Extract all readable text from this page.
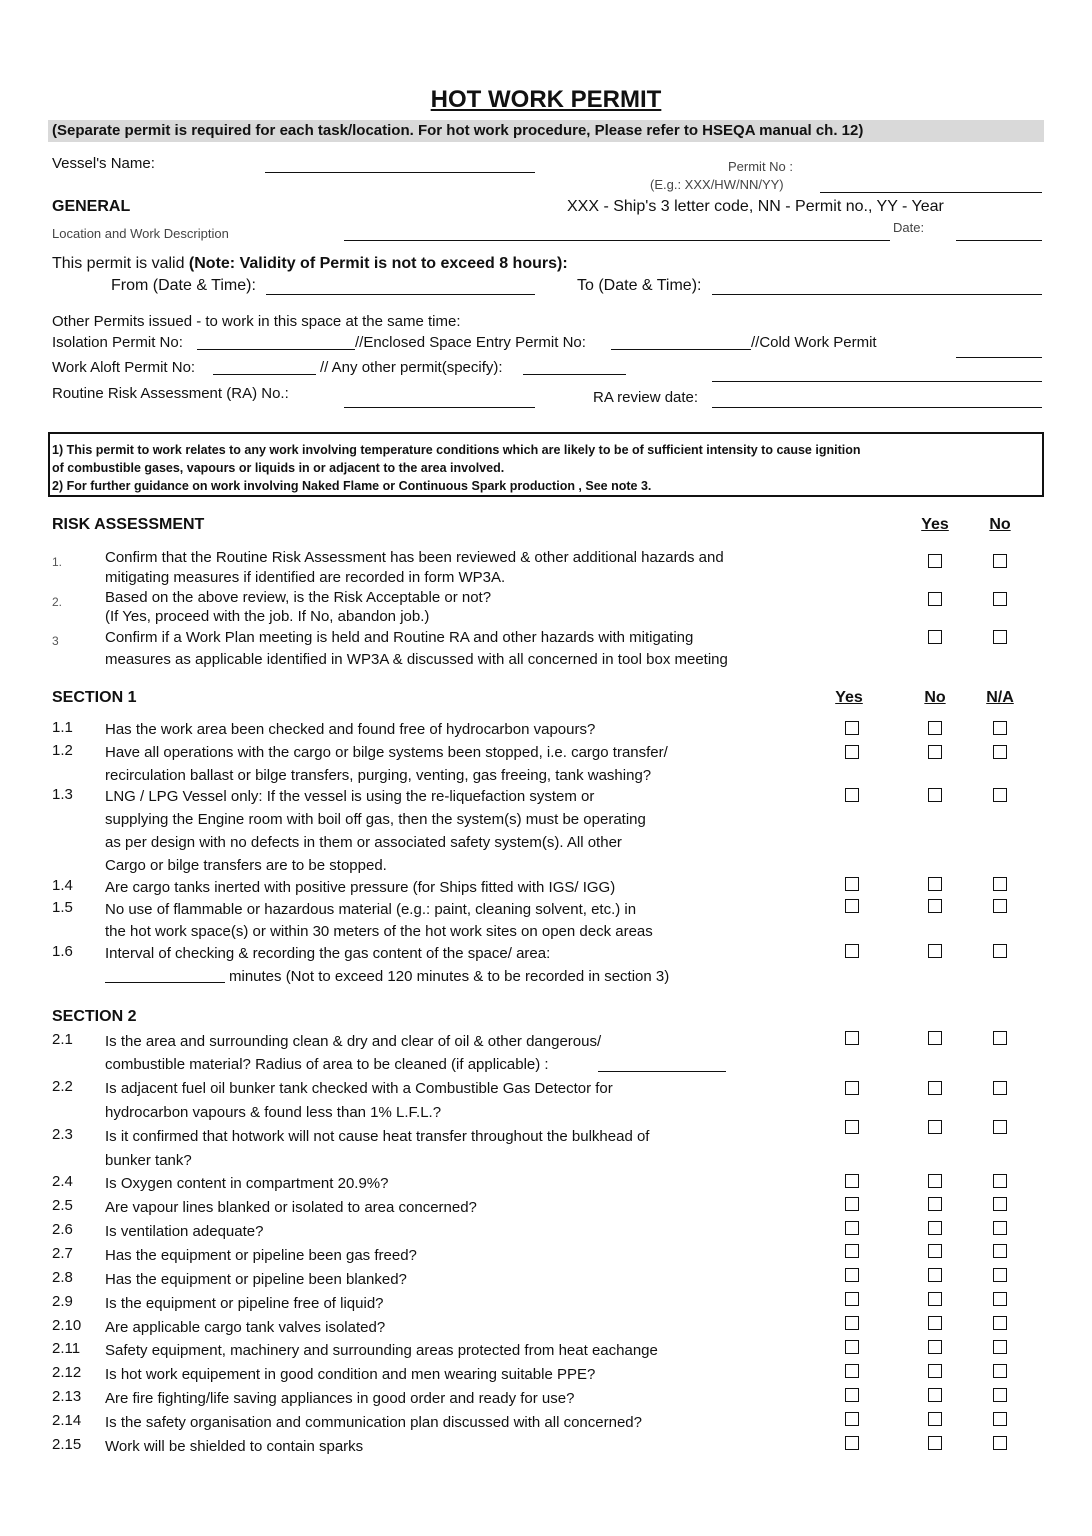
HOT WORK PERMIT
(Separate permit is required for each task/location. For hot work procedure, Please refer to HSEQA manual ch. 12)
Vessel's Name:	Permit No :
(E.g.: XXX/HW/NN/YY)
GENERAL	XXX - Ship's 3 letter code, NN - Permit no., YY - Year
Location and Work Description	Date:
This permit is valid (Note: Validity of Permit is not to exceed 8 hours):
From (Date & Time):	To (Date & Time):
Other Permits issued - to work in this space at the same time:
Isolation Permit No:	//Enclosed Space Entry Permit No:	//Cold Work Permit
Work Aloft Permit No:	// Any other permit(specify):
Routine Risk Assessment (RA) No.:	RA review date:
1) This permit to work relates to any work involving temperature conditions which are likely to be of sufficient intensity to cause ignition
of combustible gases, vapours or liquids in or adjacent to the area involved.
2) For further guidance on work involving Naked Flame or Continuous Spark production , See note 3.
RISK ASSESSMENT	Yes	No
1.	Confirm that the Routine Risk Assessment has been reviewed & other additional hazards and
mitigating measures if identified are recorded in form WP3A.
2.	Based on the above review, is the Risk Acceptable or not?
(If Yes, proceed with the job. If No, abandon job.)
3	Confirm if a Work Plan meeting is held and Routine RA and other hazards with mitigating
measures as applicable identified in WP3A & discussed with all concerned in tool box meeting
SECTION 1	Yes	No	N/A
1.1	Has the work area been checked and found free of hydrocarbon vapours?
1.2	Have all operations with the cargo or bilge systems been stopped, i.e. cargo transfer/
recirculation ballast or bilge transfers, purging, venting, gas freeing, tank washing?
1.3	LNG / LPG Vessel only: If the vessel is using the re-liquefaction system or
supplying the Engine room with boil off gas, then the system(s) must be operating
as per design with no defects in them or associated safety system(s). All other
Cargo or bilge transfers are to be stopped.
1.4	Are cargo tanks inerted with positive pressure (for Ships fitted with IGS/ IGG)
1.5	No use of flammable or hazardous material (e.g.: paint, cleaning solvent, etc.) in
the hot work space(s) or within 30 meters of the hot work sites on open deck areas
1.6	Interval of checking & recording the gas content of the space/ area:
minutes (Not to exceed 120 minutes & to be recorded in section 3)
SECTION 2
2.1	Is the area and surrounding clean & dry and clear of oil & other dangerous/
combustible material? Radius of area to be cleaned (if applicable) :
2.2	Is adjacent fuel oil bunker tank checked with a Combustible Gas Detector for
hydrocarbon vapours & found less than 1% L.F.L.?
2.3	Is it confirmed that hotwork will not cause heat transfer throughout the bulkhead of
bunker tank?
2.4	Is Oxygen content in compartment 20.9%?
2.5	Are vapour lines blanked or isolated to area concerned?
2.6	Is ventilation adequate?
2.7	Has the equipment or pipeline been gas freed?
2.8	Has the equipment or pipeline been blanked?
2.9	Is the equipment or pipeline free of liquid?
2.10	Are applicable cargo tank valves isolated?
2.11	Safety equipment, machinery and surrounding areas protected from heat eachange
2.12	Is hot work equipement in good condition and men wearing suitable PPE?
2.13	Are fire fighting/life saving appliances in good order and ready for use?
2.14	Is the safety organisation and communication plan discussed with all concerned?
2.15	Work will be shielded to contain sparks
